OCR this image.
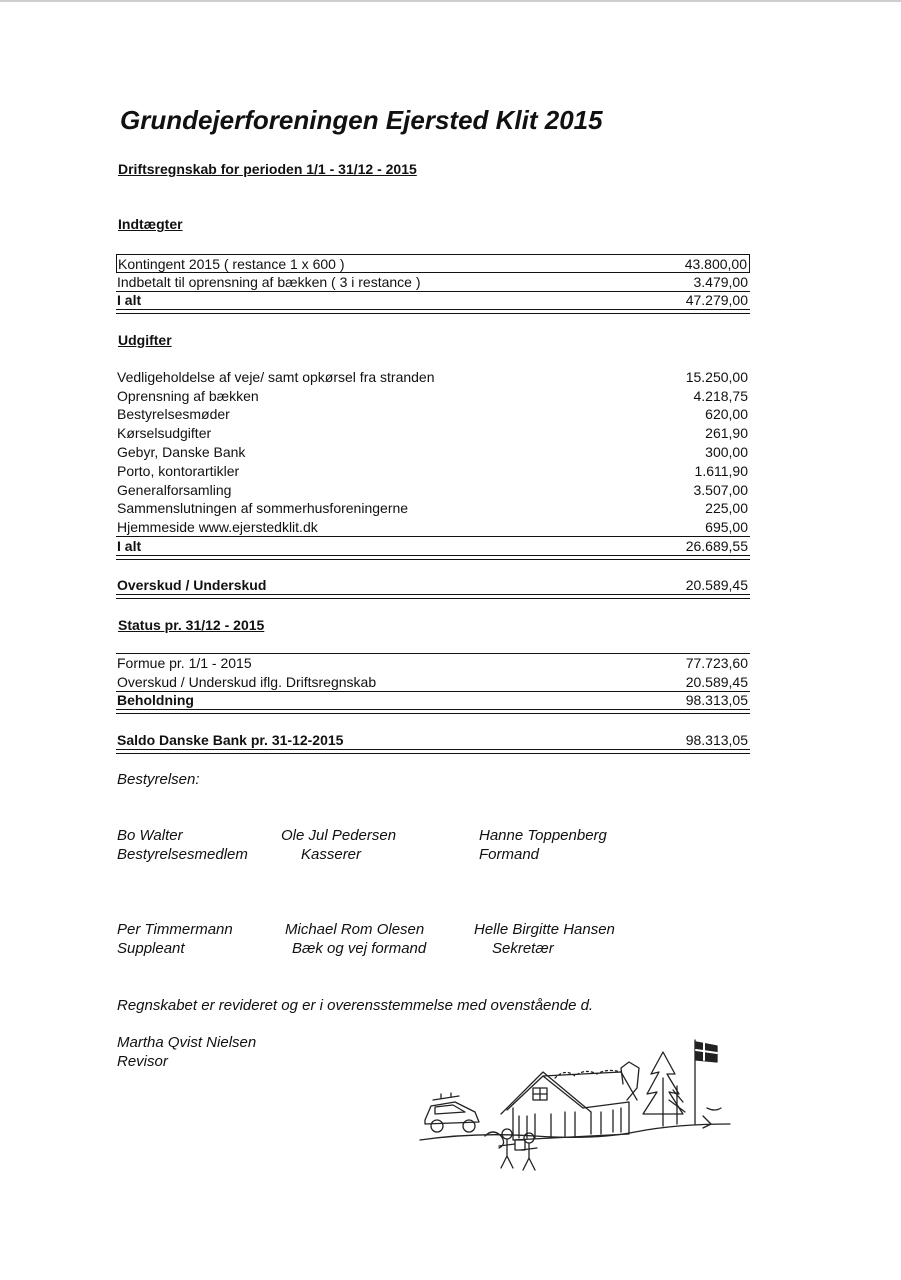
Grundejerforeningen Ejersted Klit 2015
Driftsregnskab for perioden 1/1 - 31/12 - 2015
Indtægter
Kontingent 2015 ( restance 1 x 600 )	43.800,00
Indbetalt til oprensning af bækken ( 3 i restance )	3.479,00
I alt	47.279,00
Udgifter
Vedligeholdelse af veje/ samt opkørsel fra stranden	15.250,00
Oprensning af bækken	4.218,75
Bestyrelsesmøder	620,00
Kørselsudgifter	261,90
Gebyr, Danske Bank	300,00
Porto, kontorartikler	1.611,90
Generalforsamling	3.507,00
Sammenslutningen af sommerhusforeningerne	225,00
Hjemmeside www.ejerstedklit.dk	695,00
I alt	26.689,55
Overskud / Underskud	20.589,45
Status pr. 31/12 - 2015
Formue pr. 1/1 - 2015	77.723,60
Overskud / Underskud iflg. Driftsregnskab	20.589,45
Beholdning	98.313,05
Saldo Danske Bank pr. 31-12-2015	98.313,05
Bestyrelsen:
Bo Walter
Bestyrelsesmedlem
Ole Jul Pedersen
Kasserer
Hanne Toppenberg
Formand
Per Timmermann
Suppleant
Michael Rom Olesen
Bæk og vej formand
Helle Birgitte Hansen
Sekretær
Regnskabet er revideret og er i overensstemmelse med ovenstående d.
Martha Qvist Nielsen
Revisor
